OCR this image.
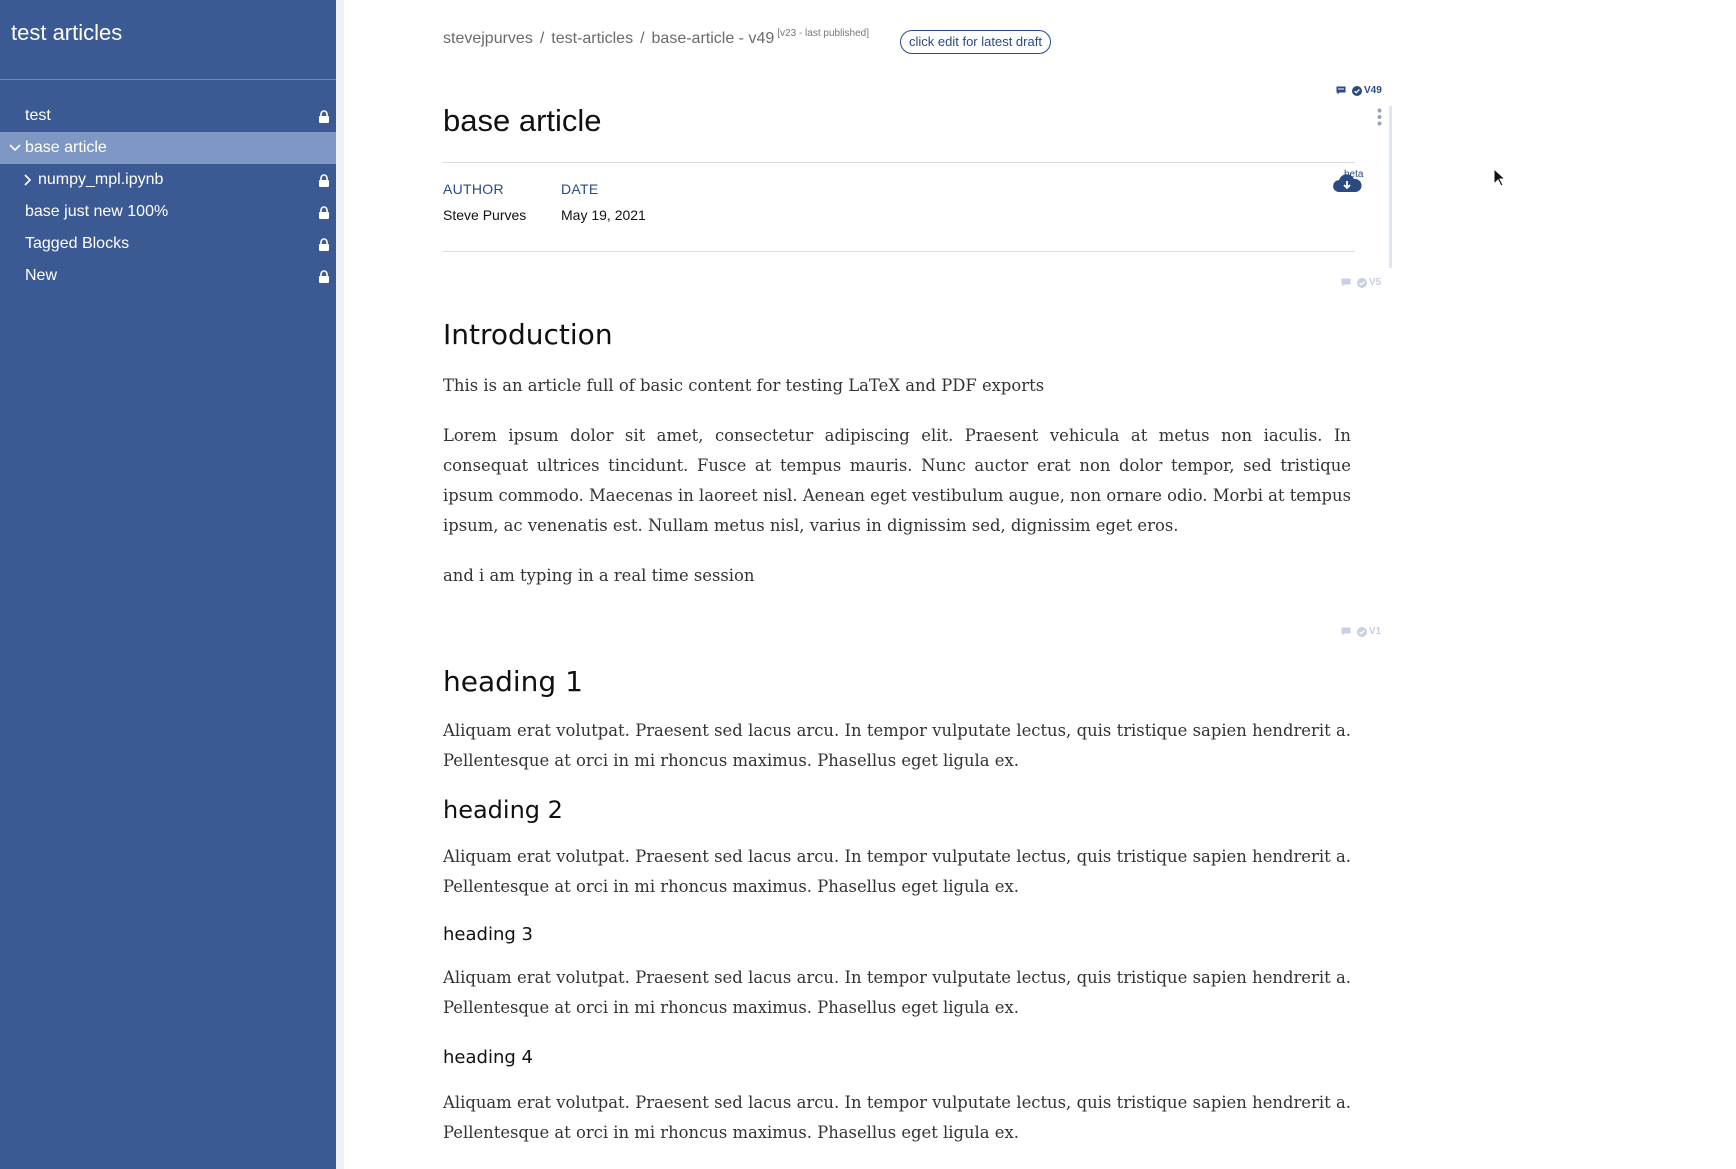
test articles
test
base article
numpy_mpl.ipynb
base just new 100%
Tagged Blocks
New
stevejpurves / test-articles / base-article - v49 [v23 - last published]
click edit for latest draft
V49
base article
AUTHOR
Steve Purves
DATE
May 19, 2021
beta
V5
Introduction

This is an article full of basic content for testing LaTeX and PDF exports

Lorem ipsum dolor sit amet, consectetur adipiscing elit. Praesent vehicula at metus non iaculis. In consequat ultrices tincidunt. Fusce at tempus mauris. Nunc auctor erat non dolor tempor, sed tristique ipsum commodo. Maecenas in laoreet nisl. Aenean eget vestibulum augue, non ornare odio. Morbi at tempus ipsum, ac venenatis est. Nullam metus nisl, varius in dignissim sed, dignissim eget eros.

and i am typing in a real time session

V1
heading 1

Aliquam erat volutpat. Praesent sed lacus arcu. In tempor vulputate lectus, quis tristique sapien hendrerit a. Pellentesque at orci in mi rhoncus maximus. Phasellus eget ligula ex.

heading 2

Aliquam erat volutpat. Praesent sed lacus arcu. In tempor vulputate lectus, quis tristique sapien hendrerit a. Pellentesque at orci in mi rhoncus maximus. Phasellus eget ligula ex.

heading 3

Aliquam erat volutpat. Praesent sed lacus arcu. In tempor vulputate lectus, quis tristique sapien hendrerit a. Pellentesque at orci in mi rhoncus maximus. Phasellus eget ligula ex.

heading 4

Aliquam erat volutpat. Praesent sed lacus arcu. In tempor vulputate lectus, quis tristique sapien hendrerit a. Pellentesque at orci in mi rhoncus maximus. Phasellus eget ligula ex.
